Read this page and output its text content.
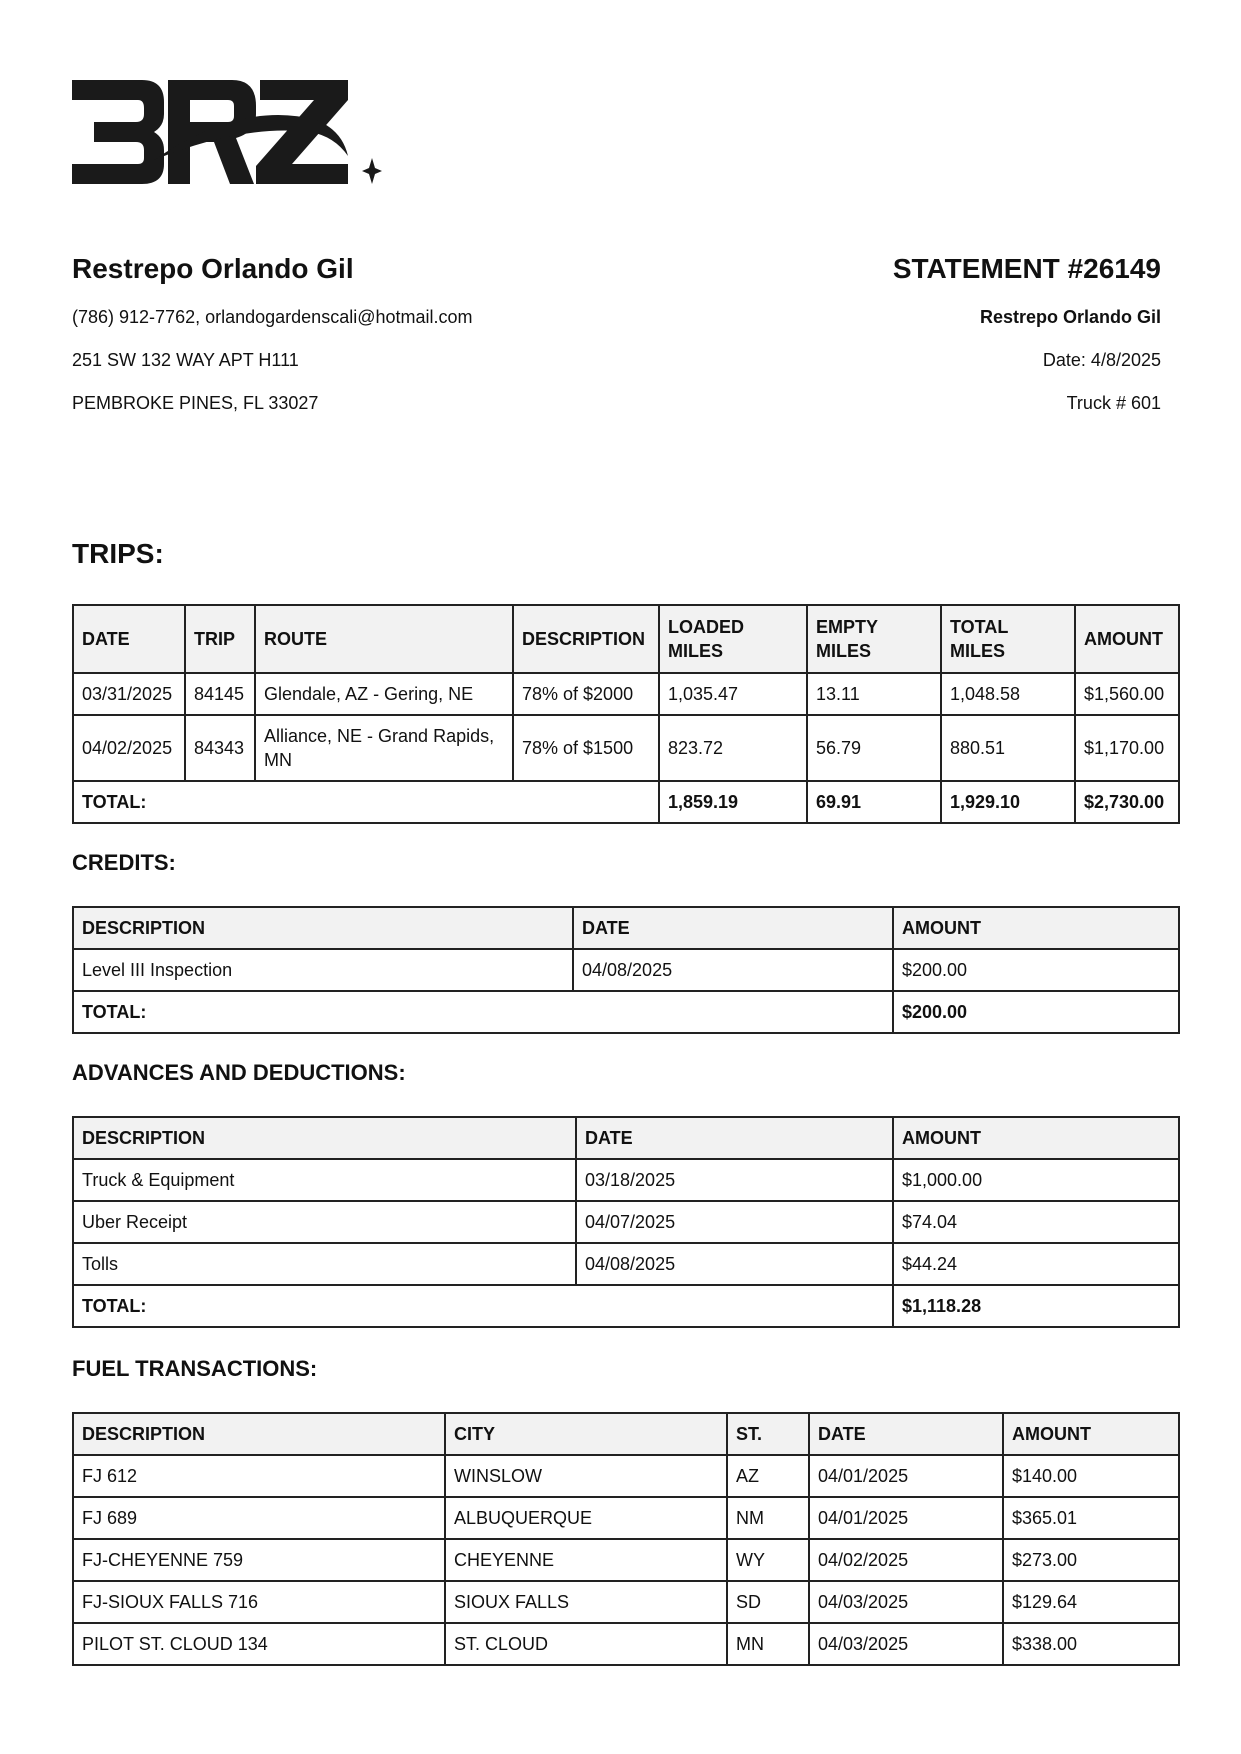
Restrepo Orlando Gil
(786) 912-7762, orlandogardenscali@hotmail.com
251 SW 132 WAY APT H111
PEMBROKE PINES, FL 33027
STATEMENT #26149
Restrepo Orlando Gil
Date: 4/8/2025
Truck # 601
TRIPS:
DATE	TRIP	ROUTE	DESCRIPTION	LOADED MILES	EMPTY MILES	TOTAL MILES	AMOUNT
03/31/2025	84145	Glendale, AZ - Gering, NE	78% of $2000	1,035.47	13.11	1,048.58	$1,560.00
04/02/2025	84343	Alliance, NE - Grand Rapids, MN	78% of $1500	823.72	56.79	880.51	$1,170.00
TOTAL:				1,859.19	69.91	1,929.10	$2,730.00
CREDITS:
DESCRIPTION	DATE	AMOUNT
Level III Inspection	04/08/2025	$200.00
TOTAL:		$200.00
ADVANCES AND DEDUCTIONS:
DESCRIPTION	DATE	AMOUNT
Truck & Equipment	03/18/2025	$1,000.00
Uber Receipt	04/07/2025	$74.04
Tolls	04/08/2025	$44.24
TOTAL:		$1,118.28
FUEL TRANSACTIONS:
DESCRIPTION	CITY	ST.	DATE	AMOUNT
FJ 612	WINSLOW	AZ	04/01/2025	$140.00
FJ 689	ALBUQUERQUE	NM	04/01/2025	$365.01
FJ-CHEYENNE 759	CHEYENNE	WY	04/02/2025	$273.00
FJ-SIOUX FALLS 716	SIOUX FALLS	SD	04/03/2025	$129.64
PILOT ST. CLOUD 134	ST. CLOUD	MN	04/03/2025	$338.00
